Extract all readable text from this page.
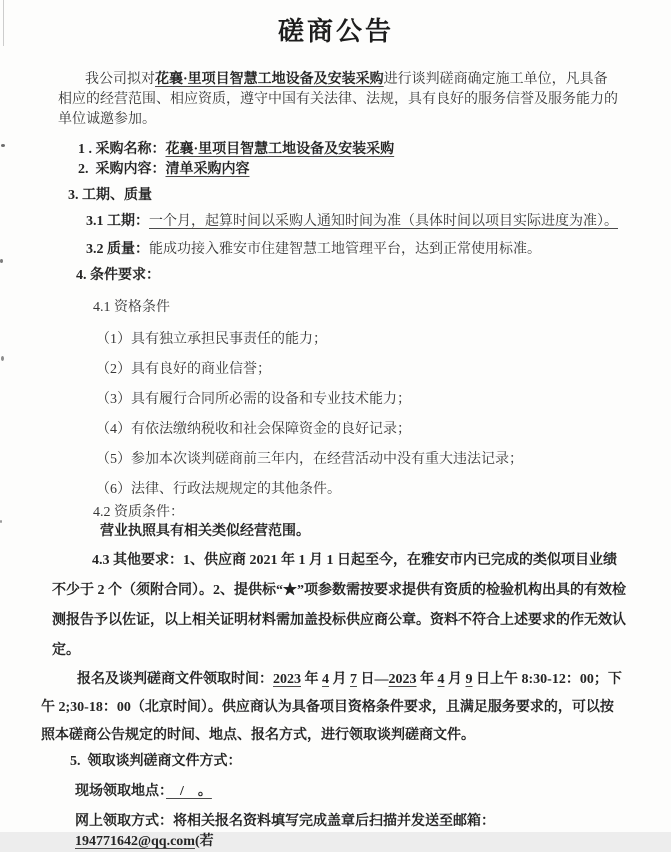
磋商公告

我公司拟对花襄·里项目智慧工地设备及安装采购进行谈判磋商确定施工单位，凡具备相应的经营范围、相应资质，遵守中国有关法律、法规，具有良好的服务信誉及服务能力的单位诚邀参加。

1 . 采购名称：花襄·里项目智慧工地设备及安装采购
2.  采购内容：清单采购内容
3. 工期、质量
3.1 工期：一个月，起算时间以采购人通知时间为准（具体时间以项目实际进度为准）。
3.2 质量：能成功接入雅安市住建智慧工地管理平台，达到正常使用标准。
4. 条件要求：
4.1 资格条件
（1）具有独立承担民事责任的能力；
（2）具有良好的商业信誉；
（3）具有履行合同所必需的设备和专业技术能力；
（4）有依法缴纳税收和社会保障资金的良好记录；
（5）参加本次谈判磋商前三年内，在经营活动中没有重大违法记录；
（6）法律、行政法规规定的其他条件。
4.2 资质条件：
营业执照具有相关类似经营范围。

4.3 其他要求：1、供应商 2021 年 1 月 1 日起至今，在雅安市内已完成的类似项目业绩不少于 2 个（须附合同）。2、提供标“★”项参数需按要求提供有资质的检验机构出具的有效检测报告予以佐证，以上相关证明材料需加盖投标供应商公章。资料不符合上述要求的作无效认定。

报名及谈判磋商文件领取时间：2023 年 4 月 7 日—2023 年 4 月 9 日上午 8:30-12：00；下午 2;30-18：00（北京时间）。供应商认为具备项目资格条件要求，且满足服务要求的，可以按照本磋商公告规定的时间、地点、报名方式，进行领取谈判磋商文件。

5.  领取谈判磋商文件方式：
现场领取地点：　/　。
网上领取方式：将相关报名资料填写完成盖章后扫描并发送至邮箱：194771642@qq.com(若
